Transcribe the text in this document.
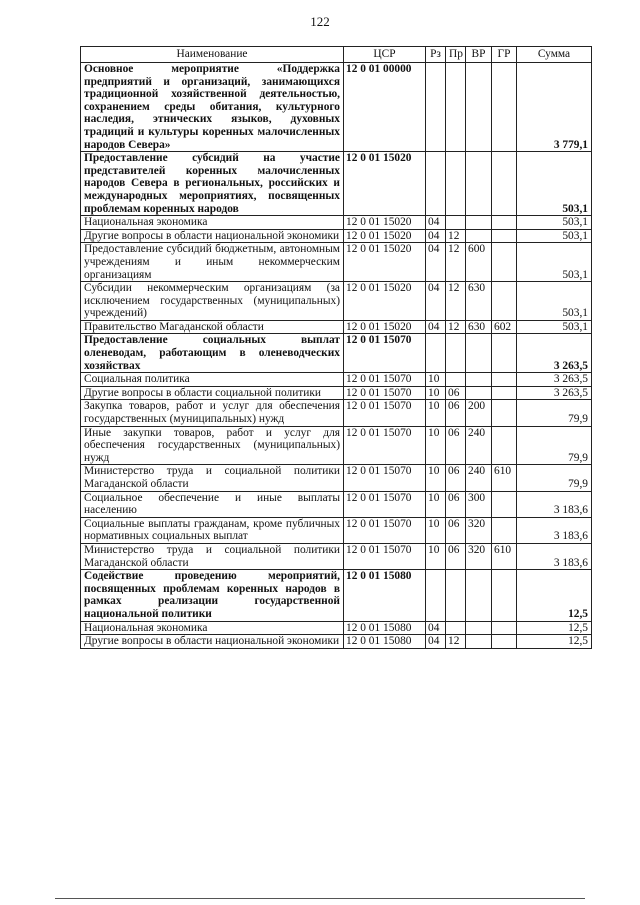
122
Наименование	ЦСР	Рз	Пр	ВР	ГР	Сумма
Основное мероприятие «Поддержка предприятий и организаций, занимающихся традиционной хозяйственной деятельностью, сохранением среды обитания, культурного наследия, этнических языков, духовных традиций и культуры коренных малочисленных народов Севера»	12 0 01 00000					3 779,1
Предоставление субсидий на участие представителей коренных малочисленных народов Севера в региональных, российских и международных мероприятиях, посвященных проблемам коренных народов	12 0 01 15020					503,1
Национальная экономика	12 0 01 15020	04				503,1
Другие вопросы в области национальной экономики	12 0 01 15020	04	12			503,1
Предоставление субсидий бюджетным, автономным учреждениям и иным некоммерческим организациям	12 0 01 15020	04	12	600		503,1
Субсидии некоммерческим организациям (за исключением государственных (муниципальных) учреждений)	12 0 01 15020	04	12	630		503,1
Правительство Магаданской области	12 0 01 15020	04	12	630	602	503,1
Предоставление социальных выплат оленеводам, работающим в оленеводческих хозяйствах	12 0 01 15070					3 263,5
Социальная политика	12 0 01 15070	10				3 263,5
Другие вопросы в области социальной политики	12 0 01 15070	10	06			3 263,5
Закупка товаров, работ и услуг для обеспечения государственных (муниципальных) нужд	12 0 01 15070	10	06	200		79,9
Иные закупки товаров, работ и услуг для обеспечения государственных (муниципальных) нужд	12 0 01 15070	10	06	240		79,9
Министерство труда и социальной политики Магаданской области	12 0 01 15070	10	06	240	610	79,9
Социальное обеспечение и иные выплаты населению	12 0 01 15070	10	06	300		3 183,6
Социальные выплаты гражданам, кроме публичных нормативных социальных выплат	12 0 01 15070	10	06	320		3 183,6
Министерство труда и социальной политики Магаданской области	12 0 01 15070	10	06	320	610	3 183,6
Содействие проведению мероприятий, посвященных проблемам коренных народов в рамках реализации государственной национальной политики	12 0 01 15080					12,5
Национальная экономика	12 0 01 15080	04				12,5
Другие вопросы в области национальной экономики	12 0 01 15080	04	12			12,5
